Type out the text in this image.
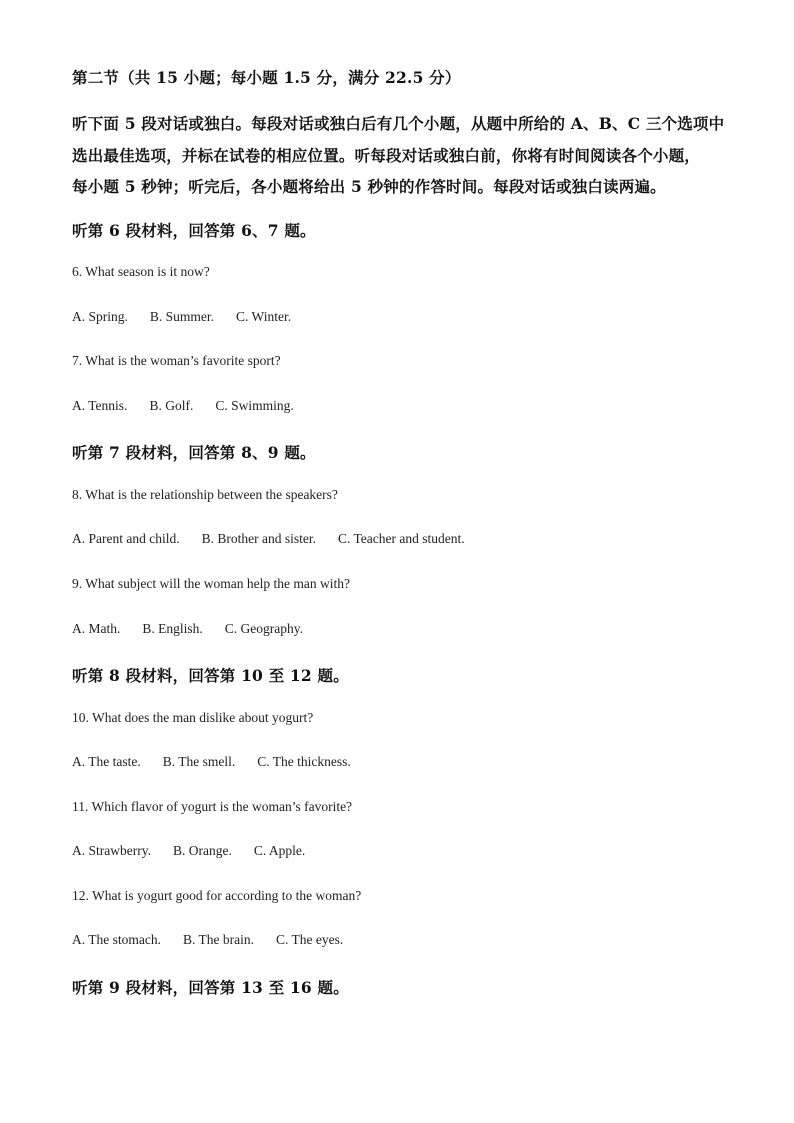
第二节（共 15 小题；每小题 1.5 分，满分 22.5 分）
听下面 5 段对话或独白。每段对话或独白后有几个小题，从题中所给的 A、B、C 三个选项中
选出最佳选项，并标在试卷的相应位置。听每段对话或独白前，你将有时间阅读各个小题，
每小题 5 秒钟；听完后，各小题将给出 5 秒钟的作答时间。每段对话或独白读两遍。
听第 6 段材料，回答第 6、7 题。
6. What season is it now?
A. Spring. B. Summer. C. Winter.
7. What is the woman’s favorite sport?
A. Tennis. B. Golf. C. Swimming.
听第 7 段材料，回答第 8、9 题。
8. What is the relationship between the speakers?
A. Parent and child. B. Brother and sister. C. Teacher and student.
9. What subject will the woman help the man with?
A. Math. B. English. C. Geography.
听第 8 段材料，回答第 10 至 12 题。
10. What does the man dislike about yogurt?
A. The taste. B. The smell. C. The thickness.
11. Which flavor of yogurt is the woman’s favorite?
A. Strawberry. B. Orange. C. Apple.
12. What is yogurt good for according to the woman?
A. The stomach. B. The brain. C. The eyes.
听第 9 段材料，回答第 13 至 16 题。
